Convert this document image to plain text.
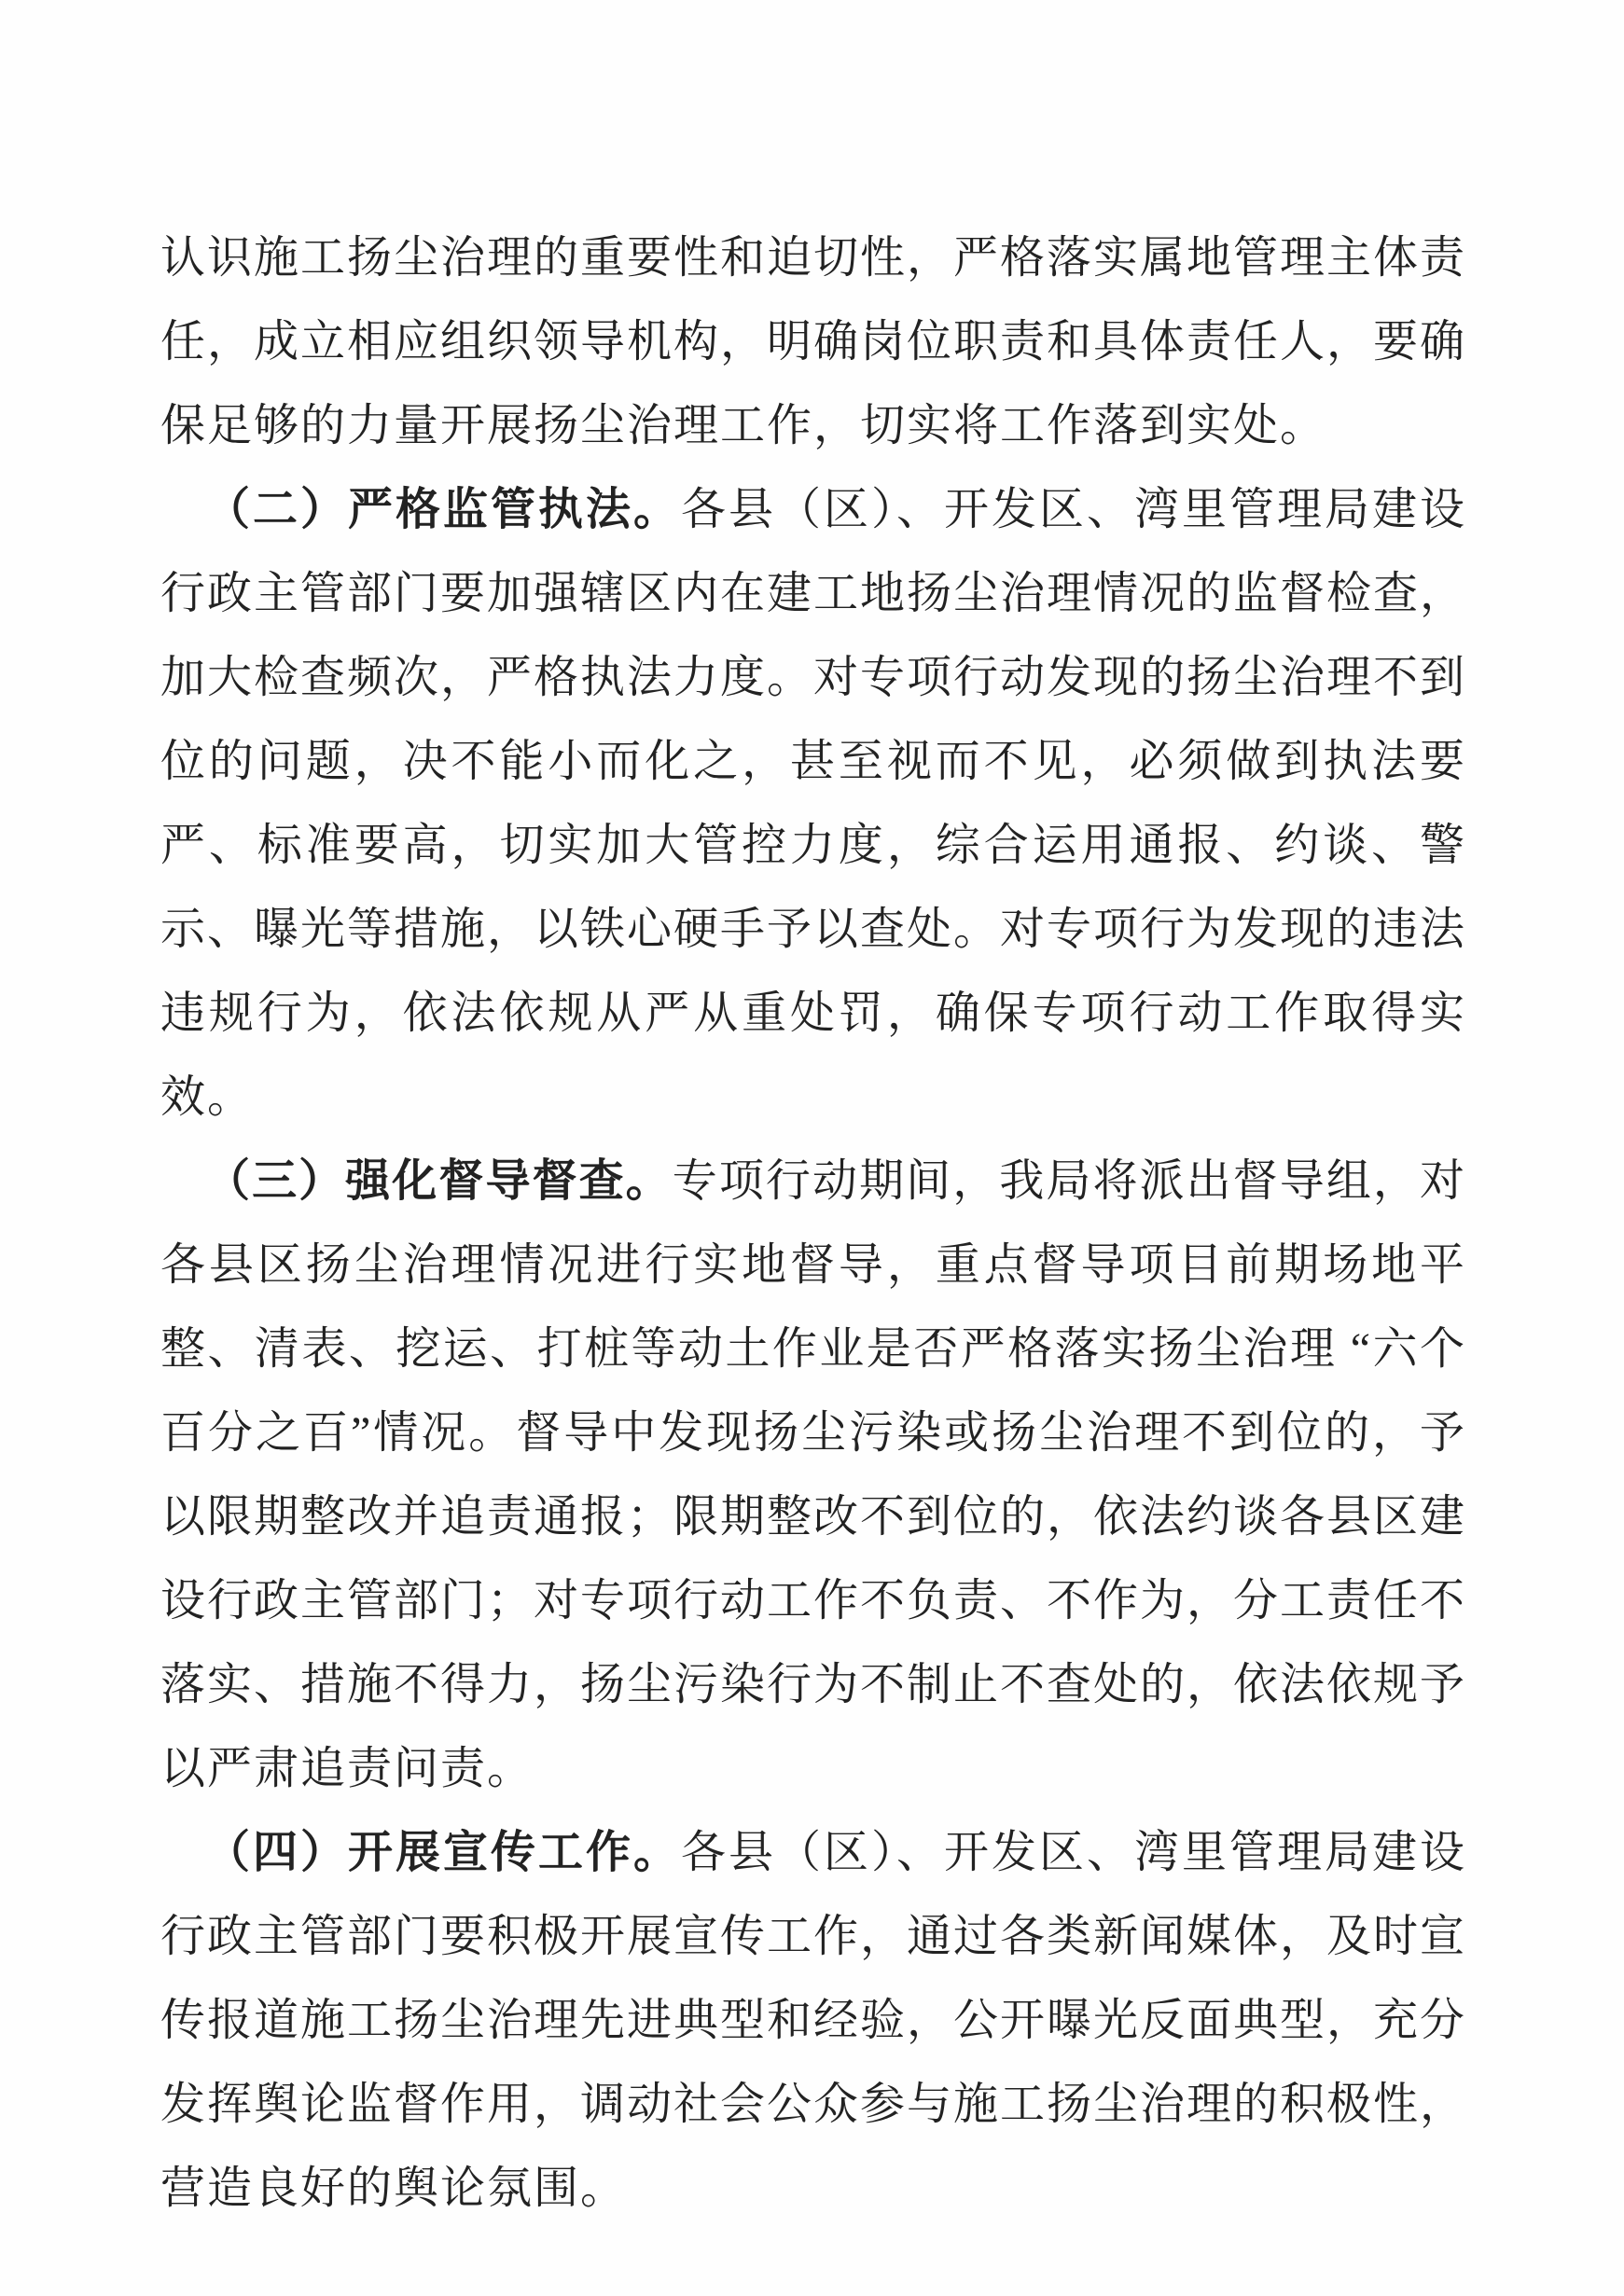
认识施工扬尘治理的重要性和迫切性，严格落实属地管理主体责任，成立相应组织领导机构，明确岗位职责和具体责任人，要确保足够的力量开展扬尘治理工作，切实将工作落到实处。

（二）严格监管执法。各县（区）、开发区、湾里管理局建设行政主管部门要加强辖区内在建工地扬尘治理情况的监督检查，加大检查频次，严格执法力度。对专项行动发现的扬尘治理不到位的问题，决不能小而化之，甚至视而不见，必须做到执法要严、标准要高，切实加大管控力度，综合运用通报、约谈、警示、曝光等措施，以铁心硬手予以查处。对专项行为发现的违法违规行为，依法依规从严从重处罚，确保专项行动工作取得实效。

（三）强化督导督查。专项行动期间，我局将派出督导组，对各县区扬尘治理情况进行实地督导，重点督导项目前期场地平整、清表、挖运、打桩等动土作业是否严格落实扬尘治理 “六个百分之百”情况。督导中发现扬尘污染或扬尘治理不到位的，予以限期整改并追责通报；限期整改不到位的，依法约谈各县区建设行政主管部门；对专项行动工作不负责、不作为，分工责任不落实、措施不得力，扬尘污染行为不制止不查处的，依法依规予以严肃追责问责。

（四）开展宣传工作。各县（区）、开发区、湾里管理局建设行政主管部门要积极开展宣传工作，通过各类新闻媒体，及时宣传报道施工扬尘治理先进典型和经验，公开曝光反面典型，充分发挥舆论监督作用，调动社会公众参与施工扬尘治理的积极性，营造良好的舆论氛围。
